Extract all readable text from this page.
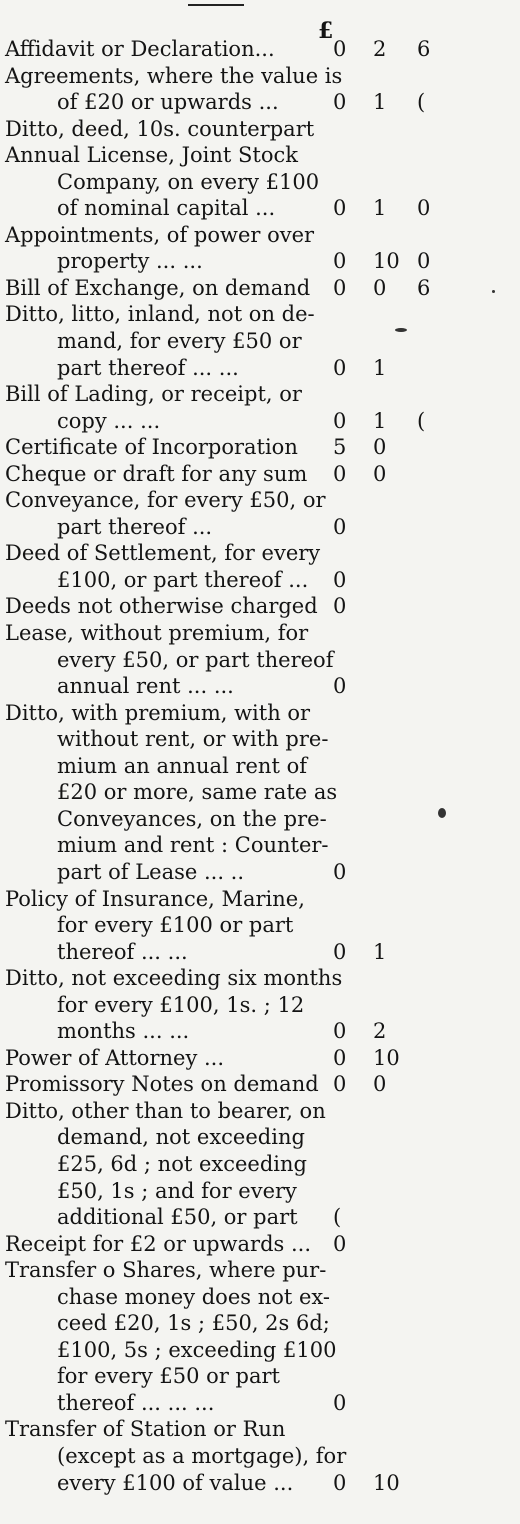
£
Affidavit or Declaration...	0 2 6
Agreements, where the value is
of £20 or upwards ...	0 1 (
Ditto, deed, 10s. counterpart
Annual License, Joint Stock
Company, on every £100
of nominal capital ...	0 1 0
Appointments, of power over
property ... ...	0 10 0
Bill of Exchange, on demand 0 0 6
Ditto, litto, inland, not on de-
mand, for every £50 or
part thereof ... ...	0 1
Bill of Lading, or receipt, or
copy ... ...	0 1 (
Certificate of Incorporation 5 0
Cheque or draft for any sum 0 0
Conveyance, for every £50, or
part thereof ...	0
Deed of Settlement, for every
£100, or part thereof ... 0
Deeds not otherwise charged 0
Lease, without premium, for
every £50, or part thereof
annual rent ... ...	0
Ditto, with premium, with or
without rent, or with pre-
mium an annual rent of
£20 or more, same rate as
Conveyances, on the pre-
mium and rent : Counter-
part of Lease ... ..	0
Policy of Insurance, Marine,
for every £100 or part
thereof ... ...	0 1
Ditto, not exceeding six months
for every £100, 1s. ; 12
months ... ...	0 2
Power of Attorney ...	0 10
Promissory Notes on demand 0 0
Ditto, other than to bearer, on
demand, not exceeding
£25, 6d ; not exceeding
£50, 1s ; and for every
additional £50, or part (
Receipt for £2 or upwards ... 0
Transfer o Shares, where pur-
chase money does not ex-
ceed £20, 1s ; £50, 2s 6d;
£100, 5s ; exceeding £100
for every £50 or part
thereof ... ... ...	0
Transfer of Station or Run
(except as a mortgage), for
every £100 of value ... 0 10
